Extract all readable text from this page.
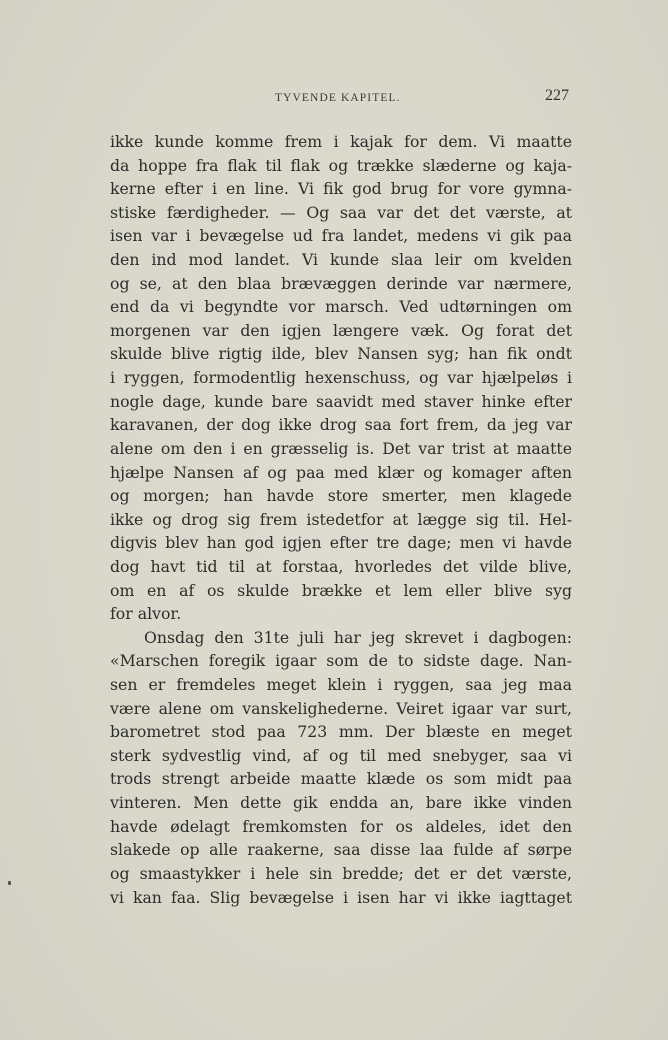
TYVENDE KAPITEL.	227
ikke kunde komme frem i kajak for dem. Vi maatte
da hoppe fra flak til flak og trække slæderne og kaja-
kerne efter i en line. Vi fik god brug for vore gymna-
stiske færdigheder. — Og saa var det det værste, at
isen var i bevægelse ud fra landet, medens vi gik paa
den ind mod landet. Vi kunde slaa leir om kvelden
og se, at den blaa brævæggen derinde var nærmere,
end da vi begyndte vor marsch. Ved udtørningen om
morgenen var den igjen længere væk. Og forat det
skulde blive rigtig ilde, blev Nansen syg; han fik ondt
i ryggen, formodentlig hexenschuss, og var hjælpeløs i
nogle dage, kunde bare saavidt med staver hinke efter
karavanen, der dog ikke drog saa fort frem, da jeg var
alene om den i en græsselig is. Det var trist at maatte
hjælpe Nansen af og paa med klær og komager aften
og morgen; han havde store smerter, men klagede
ikke og drog sig frem istedetfor at lægge sig til. Hel-
digvis blev han god igjen efter tre dage; men vi havde
dog havt tid til at forstaa, hvorledes det vilde blive,
om en af os skulde brække et lem eller blive syg
for alvor.
Onsdag den 31te juli har jeg skrevet i dagbogen:
«Marschen foregik igaar som de to sidste dage. Nan-
sen er fremdeles meget klein i ryggen, saa jeg maa
være alene om vanskelighederne. Veiret igaar var surt,
barometret stod paa 723 mm. Der blæste en meget
sterk sydvestlig vind, af og til med snebyger, saa vi
trods strengt arbeide maatte klæde os som midt paa
vinteren. Men dette gik endda an, bare ikke vinden
havde ødelagt fremkomsten for os aldeles, idet den
slakede op alle raakerne, saa disse laa fulde af sørpe
og smaastykker i hele sin bredde; det er det værste,
vi kan faa. Slig bevægelse i isen har vi ikke iagttaget
